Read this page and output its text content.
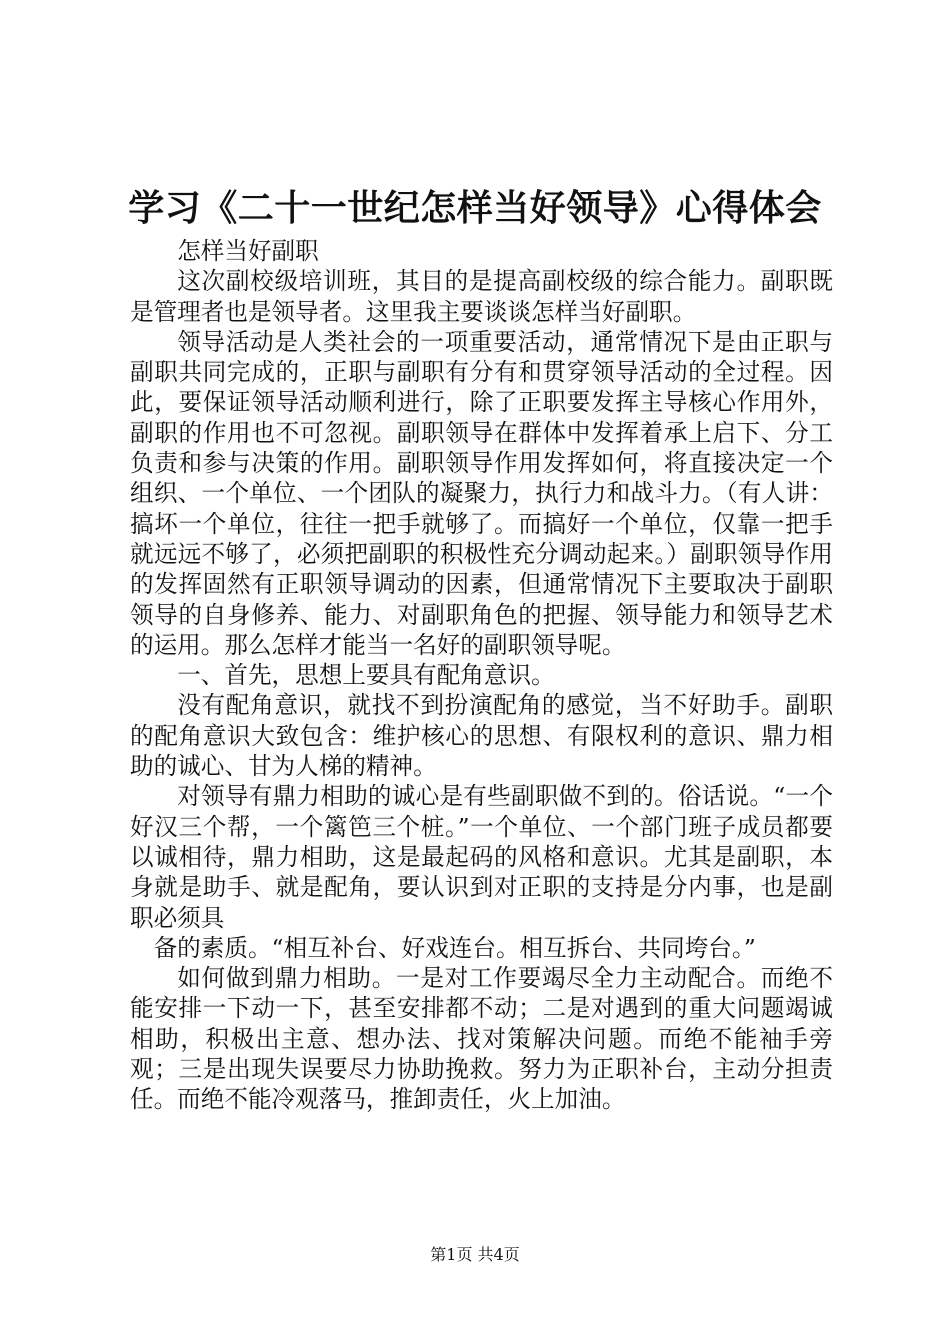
学习《二十一世纪怎样当好领导》心得体会

怎样当好副职

这次副校级培训班，其目的是提高副校级的综合能力。副职既是管理者也是领导者。这里我主要谈谈怎样当好副职。

领导活动是人类社会的一项重要活动，通常情况下是由正职与副职共同完成的，正职与副职有分有和贯穿领导活动的全过程。因此，要保证领导活动顺利进行，除了正职要发挥主导核心作用外，副职的作用也不可忽视。副职领导在群体中发挥着承上启下、分工负责和参与决策的作用。副职领导作用发挥如何，将直接决定一个组织、一个单位、一个团队的凝聚力，执行力和战斗力。（有人讲：搞坏一个单位，往往一把手就够了。而搞好一个单位，仅靠一把手就远远不够了，必须把副职的积极性充分调动起来。）副职领导作用的发挥固然有正职领导调动的因素，但通常情况下主要取决于副职领导的自身修养、能力、对副职角色的把握、领导能力和领导艺术的运用。那么怎样才能当一名好的副职领导呢。

一、首先，思想上要具有配角意识。

没有配角意识，就找不到扮演配角的感觉，当不好助手。副职的配角意识大致包含：维护核心的思想、有限权利的意识、鼎力相助的诚心、甘为人梯的精神。

对领导有鼎力相助的诚心是有些副职做不到的。俗话说。“一个好汉三个帮，一个篱笆三个桩。”一个单位、一个部门班子成员都要以诚相待，鼎力相助，这是最起码的风格和意识。尤其是副职，本身就是助手、就是配角，要认识到对正职的支持是分内事，也是副职必须具

备的素质。“相互补台、好戏连台。相互拆台、共同垮台。”

如何做到鼎力相助。一是对工作要竭尽全力主动配合。而绝不能安排一下动一下，甚至安排都不动；二是对遇到的重大问题竭诚相助，积极出主意、想办法、找对策解决问题。而绝不能袖手旁观；三是出现失误要尽力协助挽救。努力为正职补台，主动分担责任。而绝不能冷观落马，推卸责任，火上加油。

第1页 共4页
